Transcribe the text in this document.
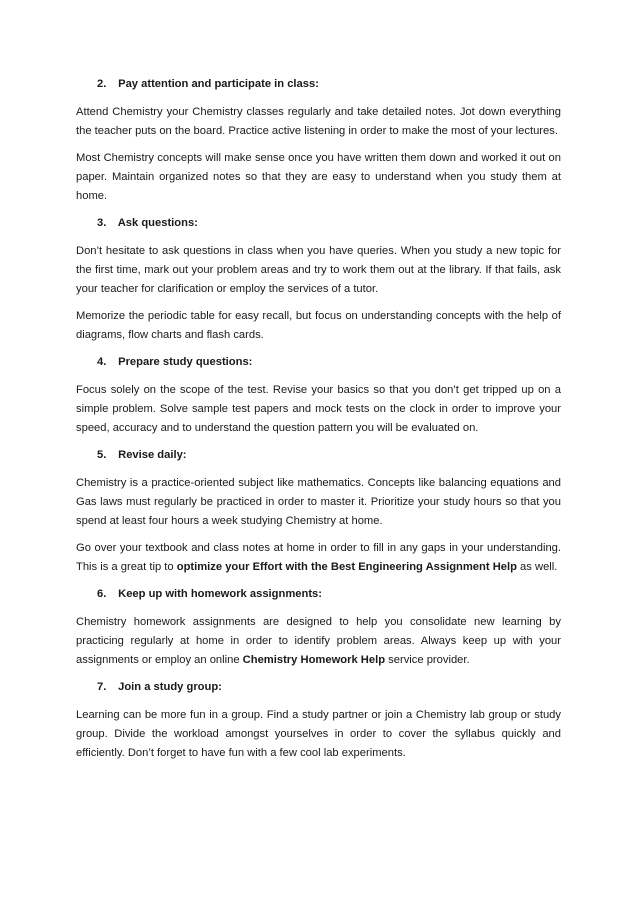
2. Pay attention and participate in class:

Attend Chemistry your Chemistry classes regularly and take detailed notes. Jot down everything the teacher puts on the board. Practice active listening in order to make the most of your lectures.

Most Chemistry concepts will make sense once you have written them down and worked it out on paper. Maintain organized notes so that they are easy to understand when you study them at home.

3. Ask questions:

Don’t hesitate to ask questions in class when you have queries. When you study a new topic for the first time, mark out your problem areas and try to work them out at the library. If that fails, ask your teacher for clarification or employ the services of a tutor.

Memorize the periodic table for easy recall, but focus on understanding concepts with the help of diagrams, flow charts and flash cards.

4. Prepare study questions:

Focus solely on the scope of the test. Revise your basics so that you don’t get tripped up on a simple problem. Solve sample test papers and mock tests on the clock in order to improve your speed, accuracy and to understand the question pattern you will be evaluated on.

5. Revise daily:

Chemistry is a practice-oriented subject like mathematics. Concepts like balancing equations and Gas laws must regularly be practiced in order to master it. Prioritize your study hours so that you spend at least four hours a week studying Chemistry at home.

Go over your textbook and class notes at home in order to fill in any gaps in your understanding. This is a great tip to optimize your Effort with the Best Engineering Assignment Help as well.

6. Keep up with homework assignments:

Chemistry homework assignments are designed to help you consolidate new learning by practicing regularly at home in order to identify problem areas. Always keep up with your assignments or employ an online Chemistry Homework Help service provider.

7. Join a study group:

Learning can be more fun in a group. Find a study partner or join a Chemistry lab group or study group. Divide the workload amongst yourselves in order to cover the syllabus quickly and efficiently. Don’t forget to have fun with a few cool lab experiments.
